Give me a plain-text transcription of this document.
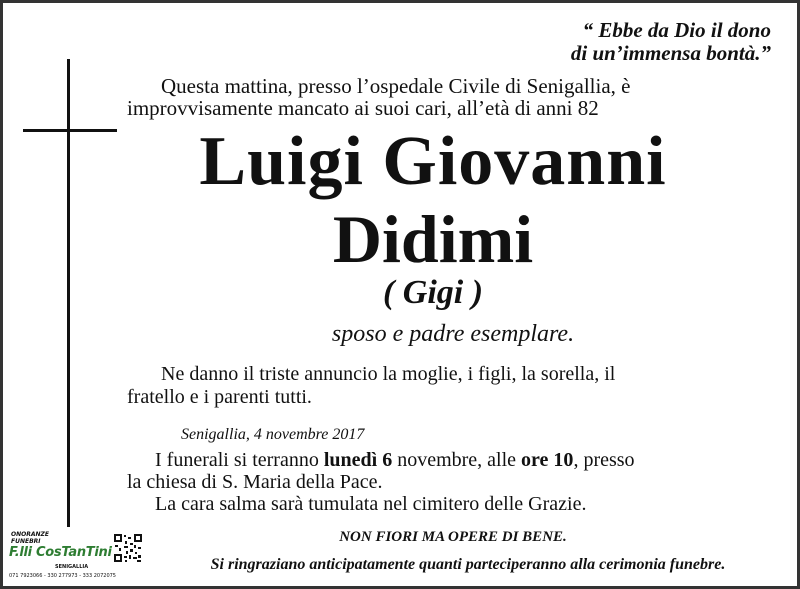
“ Ebbe da Dio il dono
di un’immensa bontà.”
Questa mattina, presso l’ospedale Civile di Senigallia, è
improvvisamente mancato ai suoi cari, all’età di anni 82
Luigi Giovanni
Didimi
( Gigi )
sposo e padre esemplare.
Ne danno il triste annuncio la moglie, i figli, la sorella, il
fratello e i parenti tutti.
Senigallia, 4 novembre 2017
I funerali si terranno lunedì 6 novembre, alle ore 10, presso
la chiesa di S. Maria della Pace.
La cara salma sarà tumulata nel cimitero delle Grazie.
NON FIORI MA OPERE DI BENE.
Si ringraziano anticipatamente quanti parteciperanno alla cerimonia funebre.
ONORANZE
FUNEBRI
F.lli CosTanTini
SENIGALLIA
071 7923066 - 330 277973 - 333 2072075
